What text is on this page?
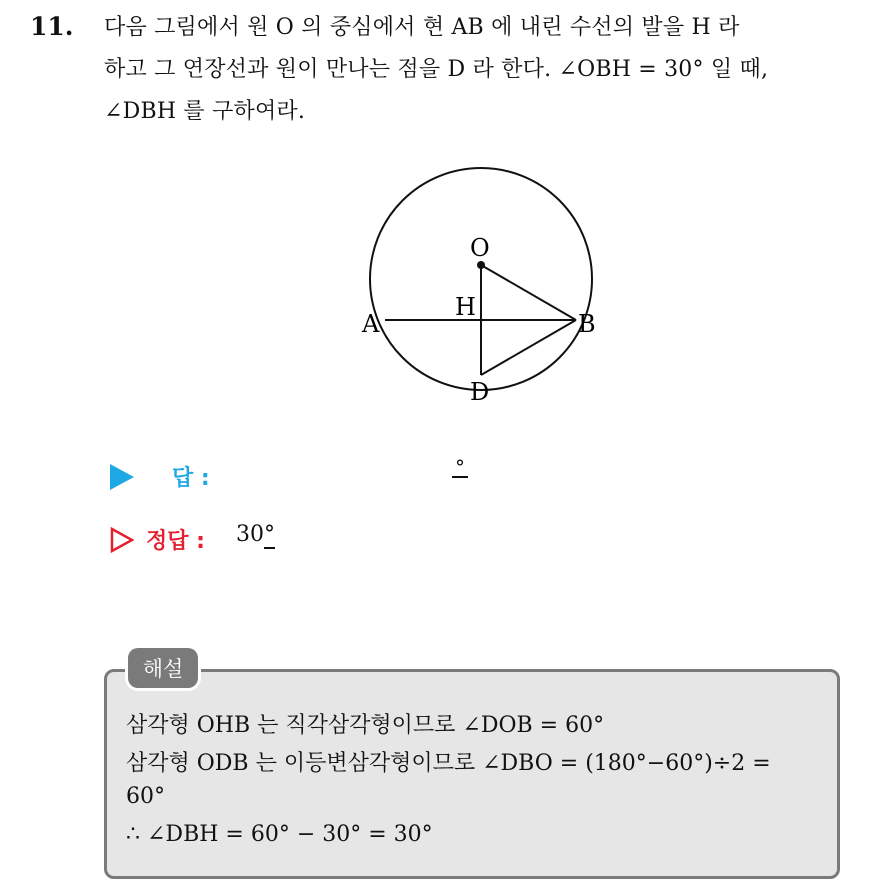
11. 다음 그림에서 원 O 의 중심에서 현 AB 에 내린 수선의 발을 H 라
하고 그 연장선과 원이 만나는 점을 D 라 한다. ∠OBH = 30° 일 때,
∠DBH 를 구하여라.
O
H
A	B
D
답 :	°
정답 : 30°
해설
삼각형 OHB 는 직각삼각형이므로 ∠DOB = 60°
삼각형 ODB 는 이등변삼각형이므로 ∠DBO = (180°−60°)÷2 =
60°
∴ ∠DBH = 60° − 30° = 30°
